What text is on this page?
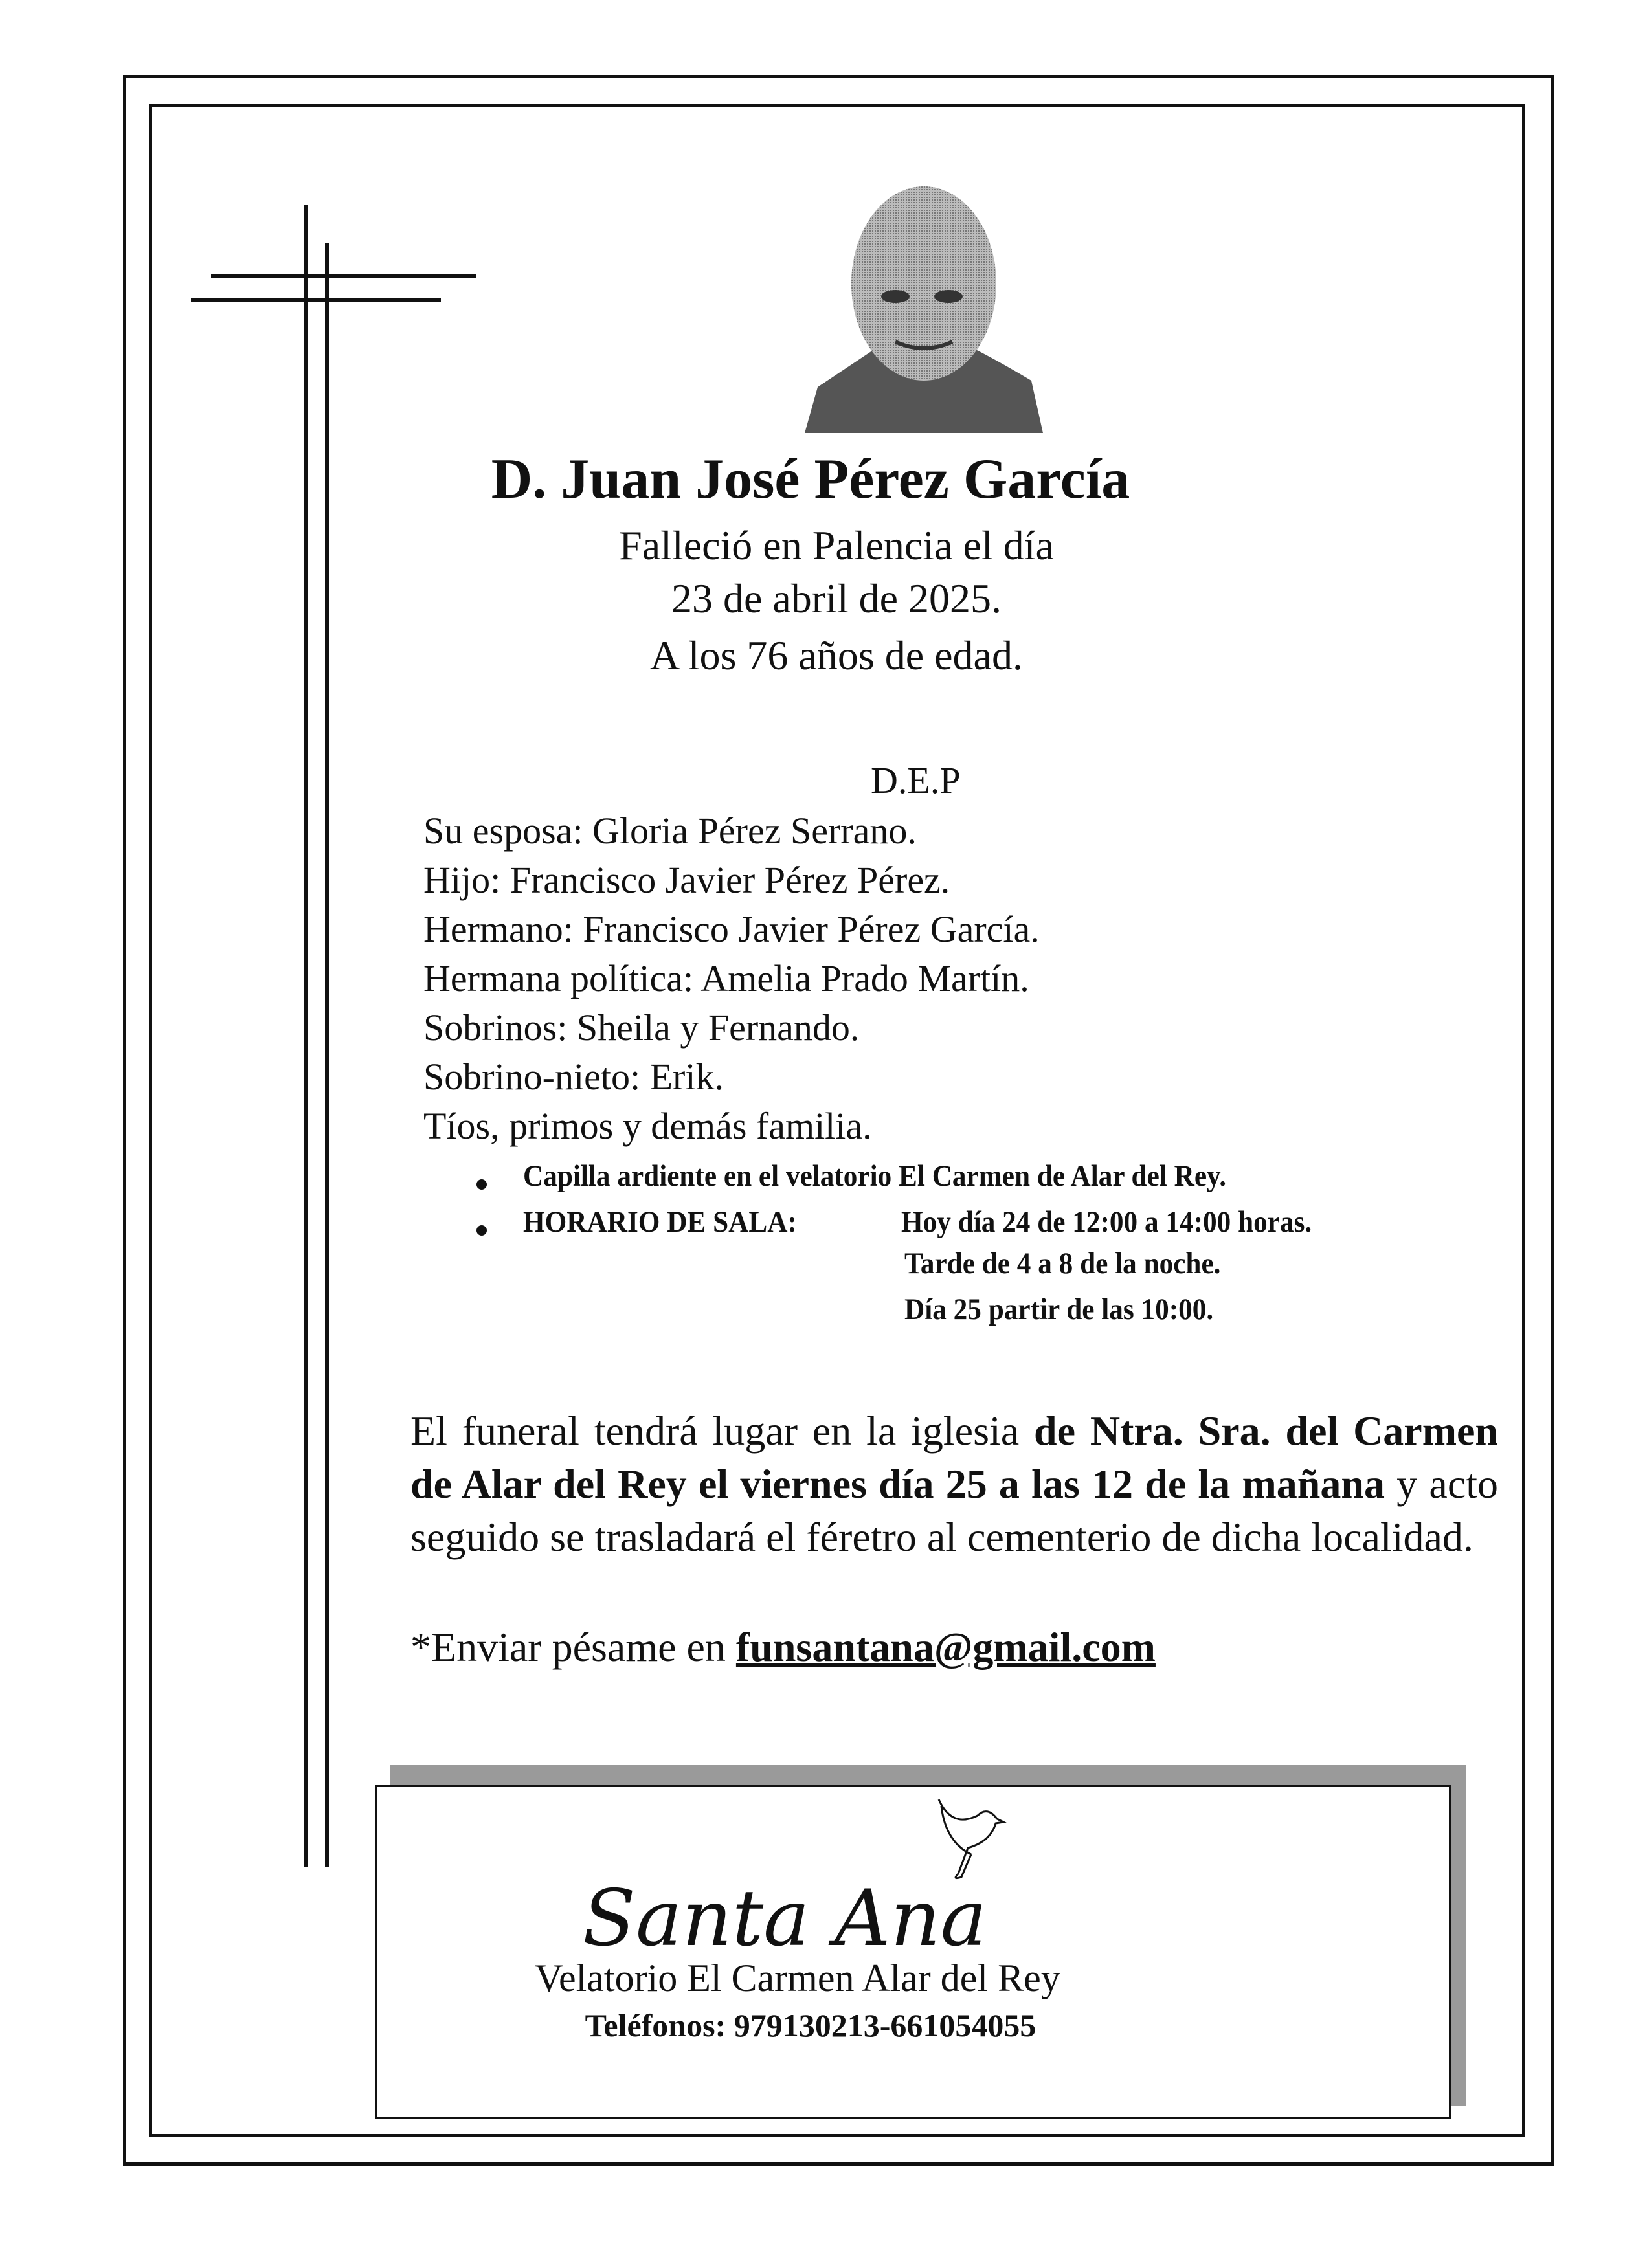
D. Juan José Pérez García
Falleció en Palencia el día
23 de abril de 2025.
A los 76 años de edad.
D.E.P
Su esposa: Gloria Pérez Serrano.
Hijo: Francisco Javier Pérez Pérez.
Hermano: Francisco Javier Pérez García.
Hermana política: Amelia Prado Martín.
Sobrinos: Sheila y Fernando.
Sobrino-nieto: Erik.
Tíos, primos y demás familia.
Capilla ardiente en el velatorio El Carmen de Alar del Rey.
HORARIO DE SALA:	Hoy día 24 de 12:00 a 14:00 horas.
Tarde de 4 a 8 de la noche.
Día 25 partir de las 10:00.
El funeral tendrá lugar en la iglesia de Ntra. Sra. del Carmen de Alar del Rey el viernes día 25 a las 12 de la mañana y acto seguido se trasladará el féretro al cementerio de dicha localidad.
*Enviar pésame en funsantana@gmail.com
Santa Ana
Velatorio El Carmen Alar del Rey
Teléfonos: 979130213-661054055
